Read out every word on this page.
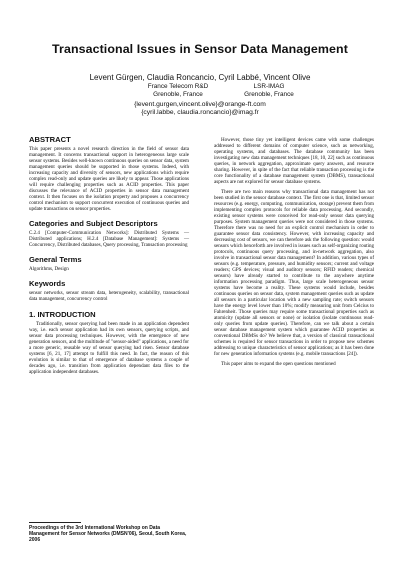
Transactional Issues in Sensor Data Management
Levent Gürgen, Claudia Roncancio, Cyril Labbé, Vincent Olive
France Telecom R&D
Grenoble, France
LSR-IMAG
Grenoble, France
{levent.gurgen,vincent.olive}@orange-ft.com
{cyril.labbe, claudia.roncancio}@imag.fr
ABSTRACT
This paper presents a novel research direction in the field of sensor data management. It concerns transactional support in heterogeneous large scale sensor systems. Besides well-known continuous queries on sensor data, system management queries should be supported in those systems. Indeed, with increasing capacity and diversity of sensors, new applications which require complex read-only and update queries are likely to appear. Those applications will require challenging properties such as ACID properties. This paper discusses the relevance of ACID properties in sensor data management context. It then focuses on the isolation property and proposes a concurrency control mechanism to support concurrent execution of continuous queries and update transactions on sensor properties.
Categories and Subject Descriptors
C.2.4 [Computer-Communication Networks]: Distributed Systems — Distributed applications; H.2.4 [Database Management]: Systems — Concurrency, Distributed databases, Query processing, Transaction processing
General Terms
Algorithms, Design
Keywords
sensor networks, sensor stream data, heterogeneity, scalability, transactional data management, concurrency control
1. INTRODUCTION
Traditionally, sensor querying had been made in an application dependent way, i.e. each sensor application had its own sensors, querying scripts, and sensor data processing techniques. However, with the emergence of new generation sensors, and the multitude of "sensor-aided" applications, a need for a more generic, reusable way of sensor querying had risen. Sensor database systems [6, 21, 17] attempt to fulfill this need. In fact, the reason of this evolution is similar to that of emergence of database systems a couple of decades ago, i.e. transition from application dependant data files to the application independent databases.
Proceedings of the 3rd International Workshop on Data Management for Sensor Networks (DMSN'06), Seoul, South Korea, 2006
However, those tiny yet intelligent devices came with some challenges addressed to different domains of computer science, such as networking, operating systems, and databases. The database community has been investigating new data management techniques [18, 10, 22] such as continuous queries, in network aggregation, approximate query answers, and resource sharing. However, in spite of the fact that reliable transaction processing is the core functionality of a database management system (DBMS), transactional aspects are not explored for sensor database systems.
There are two main reasons why transactional data management has not been studied in the sensor database context. The first one is that, limited sensor resources (e.g. energy, computing, communication, storage) prevent them from implementing complex protocols for reliable data processing. And secondly, existing sensor systems were conceived for read-only sensor data querying purposes. System management queries were not considered in those systems. Therefore there was no need for an explicit control mechanism in order to guarantee sensor data consistency. However, with increasing capacity and decreasing cost of sensors, we can therefore ask the following question: would sensors which henceforth are involved in issues such as self-organizing routing protocols, continuous query processing, and in-network aggregation, also involve in transactional sensor data management? In addition, various types of sensors (e.g. temperature, pressure, and humidity sensors; current and voltage readers; GPS devices; visual and auditory sensors; RFID readers; chemical sensors) have already started to contribute to the anywhere anytime information processing paradigm. Thus, large scale heterogeneous sensor systems have become a reality. These systems would include, besides continuous queries on sensor data, system management queries such as update all sensors in a particular location with a new sampling rate; switch sensors have the energy level lower than 10%; modify measuring unit from Celcius to Fahrenheit. Those queries may require some transactional properties such as atomicity (update all sensors or none) or isolation (isolate continuous read-only queries from update queries). Therefore, can we talk about a certain sensor database management system which guarantee ACID properties as conventional DBMSs do? We believe that, a version of classical transactional schemes is required for sensor transactions in order to propose new schemes addressing to unique characteristics of sensor applications; as it has been done for new generation information systems (e.g. mobile transactions [24]).
This paper aims to expand the open questions mentioned
